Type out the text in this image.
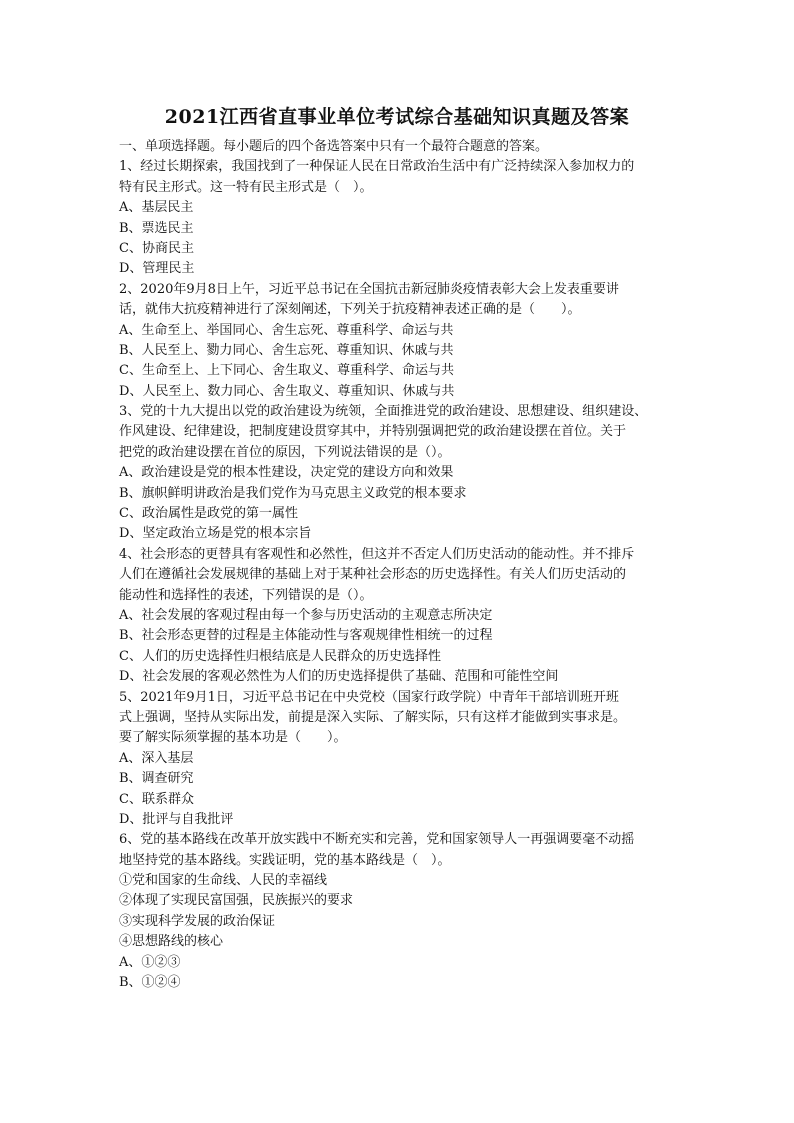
2021江西省直事业单位考试综合基础知识真题及答案
一、单项选择题。每小题后的四个备选答案中只有一个最符合题意的答案。
1、经过长期探索，我国找到了一种保证人民在日常政治生活中有广泛持续深入参加权力的
特有民主形式。这一特有民主形式是（　）。
A、基层民主
B、票选民主
C、协商民主
D、管理民主
2、2020年9月8日上午，习近平总书记在全国抗击新冠肺炎疫情表彰大会上发表重要讲
话，就伟大抗疫精神进行了深刻阐述，下列关于抗疫精神表述正确的是（　　）。
A、生命至上、举国同心、舍生忘死、尊重科学、命运与共
B、人民至上、勠力同心、舍生忘死、尊重知识、休戚与共
C、生命至上、上下同心、舍生取义、尊重科学、命运与共
D、人民至上、数力同心、舍生取义、尊重知识、休戚与共
3、党的十九大提出以党的政治建设为统领，全面推进党的政治建设、思想建设、组织建设、
作风建设、纪律建设，把制度建设贯穿其中，并特别强调把党的政治建设摆在首位。关于
把党的政治建设摆在首位的原因，下列说法错误的是（）。
A、政治建设是党的根本性建设，决定党的建设方向和效果
B、旗帜鲜明讲政治是我们党作为马克思主义政党的根本要求
C、政治属性是政党的第一属性
D、坚定政治立场是党的根本宗旨
4、社会形态的更替具有客观性和必然性，但这并不否定人们历史活动的能动性。并不排斥
人们在遵循社会发展规律的基础上对于某种社会形态的历史选择性。有关人们历史活动的
能动性和选择性的表述，下列错误的是（）。
A、社会发展的客观过程由每一个参与历史活动的主观意志所决定
B、社会形态更替的过程是主体能动性与客观规律性相统一的过程
C、人们的历史选择性归根结底是人民群众的历史选择性
D、社会发展的客观必然性为人们的历史选择提供了基础、范围和可能性空间
5、2021年9月1日，习近平总书记在中央党校（国家行政学院）中青年干部培训班开班
式上强调，坚持从实际出发，前提是深入实际、了解实际，只有这样才能做到实事求是。
要了解实际须掌握的基本功是（　　）。
A、深入基层
B、调查研究
C、联系群众
D、批评与自我批评
6、党的基本路线在改革开放实践中不断充实和完善，党和国家领导人一再强调要毫不动摇
地坚持党的基本路线。实践证明，党的基本路线是（　）。
①党和国家的生命线、人民的幸福线
②体现了实现民富国强，民族振兴的要求
③实现科学发展的政治保证
④思想路线的核心
A、①②③
B、①②④
